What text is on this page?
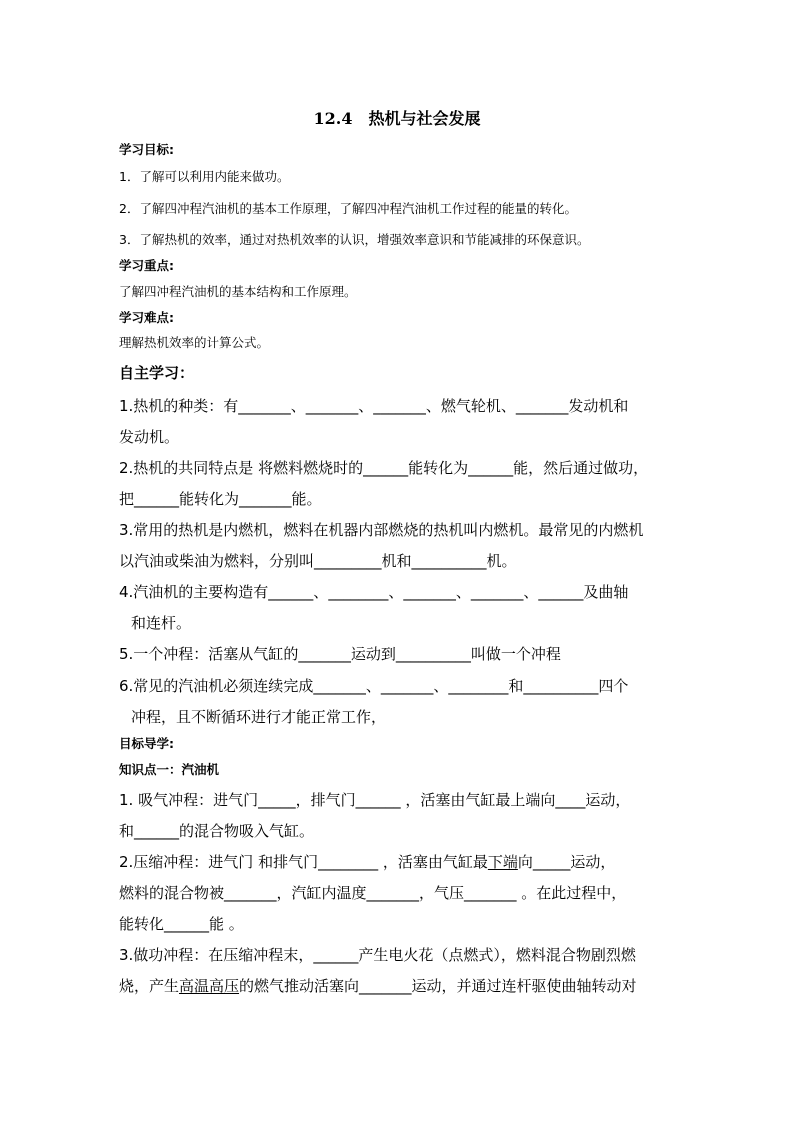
12.4　热机与社会发展
学习目标:
1．了解可以利用内能来做功。
2．了解四冲程汽油机的基本工作原理，了解四冲程汽油机工作过程的能量的转化。
3．了解热机的效率，通过对热机效率的认识，增强效率意识和节能减排的环保意识。
学习重点:
了解四冲程汽油机的基本结构和工作原理。
学习难点:
理解热机效率的计算公式。
自主学习：
1.热机的种类：有_______、_______、_______、燃气轮机、_______发动机和
发动机。
2.热机的共同特点是 将燃料燃烧时的______能转化为______能，然后通过做功，
把______能转化为_______能。
3.常用的热机是内燃机，燃料在机器内部燃烧的热机叫内燃机。最常见的内燃机
以汽油或柴油为燃料，分别叫_________机和__________机。
4.汽油机的主要构造有______、________、_______、_______、______及曲轴
和连杆。
5.一个冲程：活塞从气缸的_______运动到__________叫做一个冲程
6.常见的汽油机必须连续完成_______、_______、________和__________四个
冲程，且不断循环进行才能正常工作，
目标导学:
知识点一：汽油机
1. 吸气冲程：进气门_____，排气门______ ，活塞由气缸最上端向____运动，
和______的混合物吸入气缸。
2.压缩冲程：进气门 和排气门________ ，活塞由气缸最下端向_____运动，
燃料的混合物被_______，汽缸内温度_______，气压_______ 。在此过程中，
能转化______能 。
3.做功冲程：在压缩冲程末，______产生电火花（点燃式），燃料混合物剧烈燃
烧，产生高温高压的燃气推动活塞向_______运动，并通过连杆驱使曲轴转动对
